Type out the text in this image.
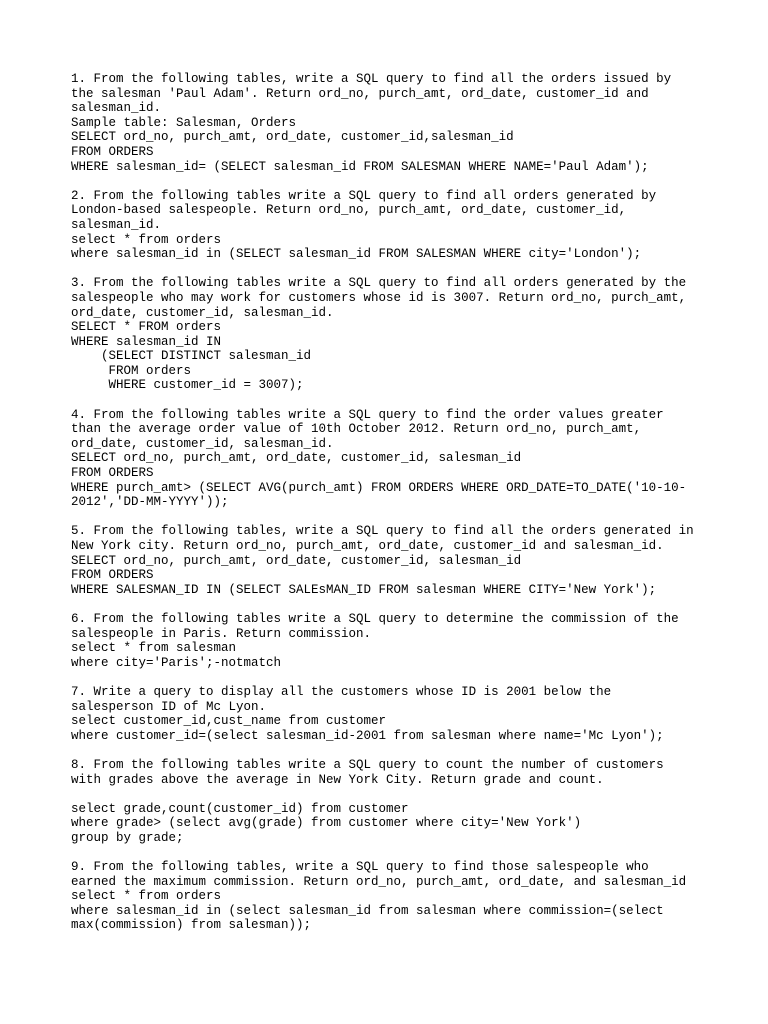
1. From the following tables, write a SQL query to find all the orders issued by
the salesman 'Paul Adam'. Return ord_no, purch_amt, ord_date, customer_id and
salesman_id.
Sample table: Salesman, Orders
SELECT ord_no, purch_amt, ord_date, customer_id,salesman_id
FROM ORDERS
WHERE salesman_id= (SELECT salesman_id FROM SALESMAN WHERE NAME='Paul Adam');
2. From the following tables write a SQL query to find all orders generated by
London-based salespeople. Return ord_no, purch_amt, ord_date, customer_id,
salesman_id.
select * from orders
where salesman_id in (SELECT salesman_id FROM SALESMAN WHERE city='London');
3. From the following tables write a SQL query to find all orders generated by the
salespeople who may work for customers whose id is 3007. Return ord_no, purch_amt,
ord_date, customer_id, salesman_id.
SELECT * FROM orders
WHERE salesman_id IN
(SELECT DISTINCT salesman_id
FROM orders
WHERE customer_id = 3007);
4. From the following tables write a SQL query to find the order values greater
than the average order value of 10th October 2012. Return ord_no, purch_amt,
ord_date, customer_id, salesman_id.
SELECT ord_no, purch_amt, ord_date, customer_id, salesman_id
FROM ORDERS
WHERE purch_amt> (SELECT AVG(purch_amt) FROM ORDERS WHERE ORD_DATE=TO_DATE('10-10-
2012','DD-MM-YYYY'));
5. From the following tables, write a SQL query to find all the orders generated in
New York city. Return ord_no, purch_amt, ord_date, customer_id and salesman_id.
SELECT ord_no, purch_amt, ord_date, customer_id, salesman_id
FROM ORDERS
WHERE SALESMAN_ID IN (SELECT SALEsMAN_ID FROM salesman WHERE CITY='New York');
6. From the following tables write a SQL query to determine the commission of the
salespeople in Paris. Return commission.
select * from salesman
where city='Paris';-notmatch
7. Write a query to display all the customers whose ID is 2001 below the
salesperson ID of Mc Lyon.
select customer_id,cust_name from customer
where customer_id=(select salesman_id-2001 from salesman where name='Mc Lyon');
8. From the following tables write a SQL query to count the number of customers
with grades above the average in New York City. Return grade and count.
select grade,count(customer_id) from customer
where grade> (select avg(grade) from customer where city='New York')
group by grade;
9. From the following tables, write a SQL query to find those salespeople who
earned the maximum commission. Return ord_no, purch_amt, ord_date, and salesman_id
select * from orders
where salesman_id in (select salesman_id from salesman where commission=(select
max(commission) from salesman));
